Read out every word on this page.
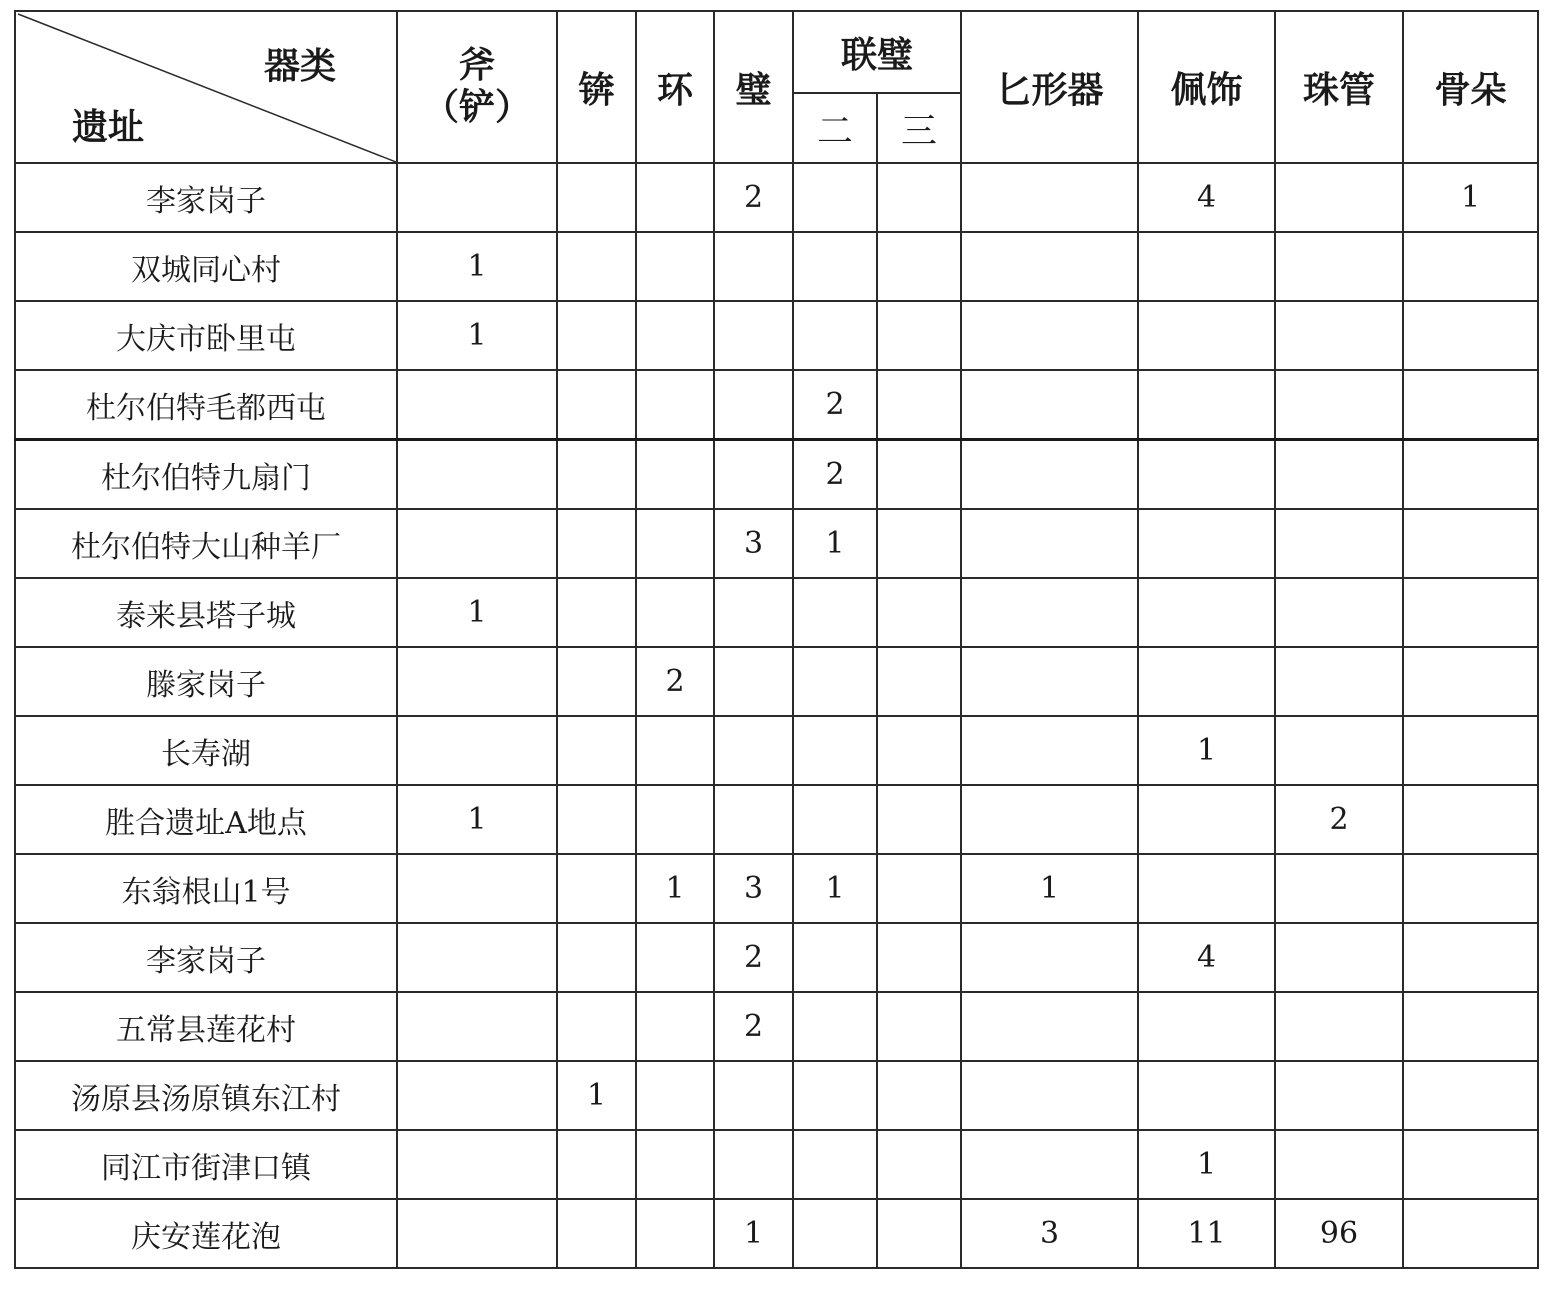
器类
遗址	斧
（铲）	锛	环	璧	联璧		匕形器	佩饰	珠管	骨朵
					二	三				
李家岗子				2				4		1
双城同心村	1									
大庆市卧里屯	1									
杜尔伯特毛都西屯					2					
杜尔伯特九扇门					2					
杜尔伯特大山种羊厂				3	1					
泰来县塔子城	1									
滕家岗子			2							
长寿湖								1		
胜合遗址A地点	1								2	
东翁根山1号			1	3	1		1			
李家岗子				2				4		
五常县莲花村				2						
汤原县汤原镇东江村		1								
同江市街津口镇								1		
庆安莲花泡				1			3	11	96	
